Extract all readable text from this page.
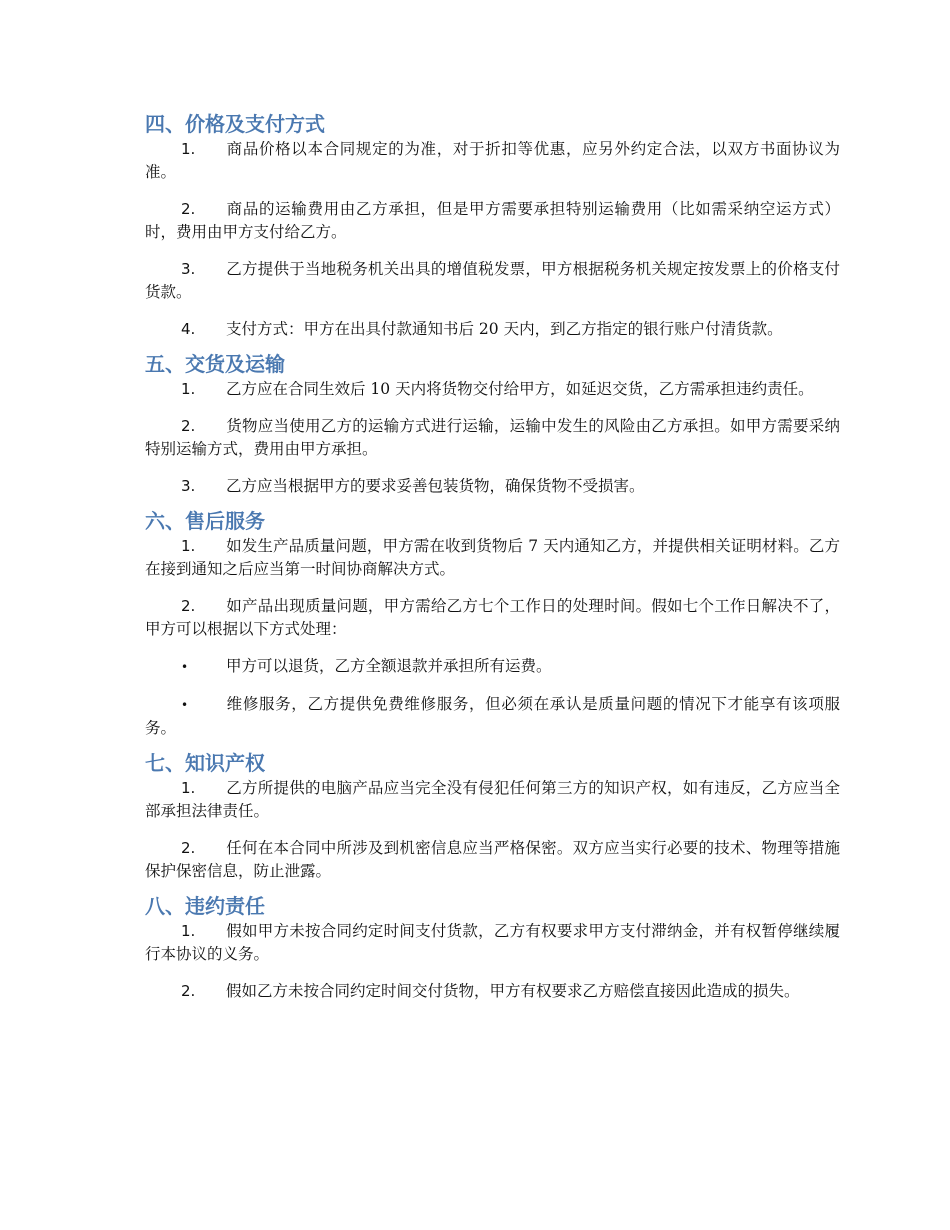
四、价格及支付方式

1. 商品价格以本合同规定的为准，对于折扣等优惠，应另外约定合法，以双方书面协议为准。

2. 商品的运输费用由乙方承担，但是甲方需要承担特别运输费用（比如需采纳空运方式）时，费用由甲方支付给乙方。

3. 乙方提供于当地税务机关出具的增值税发票，甲方根据税务机关规定按发票上的价格支付货款。

4. 支付方式：甲方在出具付款通知书后 20 天内，到乙方指定的银行账户付清货款。

五、交货及运输

1. 乙方应在合同生效后 10 天内将货物交付给甲方，如延迟交货，乙方需承担违约责任。

2. 货物应当使用乙方的运输方式进行运输，运输中发生的风险由乙方承担。如甲方需要采纳特别运输方式，费用由甲方承担。

3. 乙方应当根据甲方的要求妥善包装货物，确保货物不受损害。

六、售后服务

1. 如发生产品质量问题，甲方需在收到货物后 7 天内通知乙方，并提供相关证明材料。乙方在接到通知之后应当第一时间协商解决方式。

2. 如产品出现质量问题，甲方需给乙方七个工作日的处理时间。假如七个工作日解决不了，甲方可以根据以下方式处理：

• 甲方可以退货，乙方全额退款并承担所有运费。

• 维修服务，乙方提供免费维修服务，但必须在承认是质量问题的情况下才能享有该项服务。

七、知识产权

1. 乙方所提供的电脑产品应当完全没有侵犯任何第三方的知识产权，如有违反，乙方应当全部承担法律责任。

2. 任何在本合同中所涉及到机密信息应当严格保密。双方应当实行必要的技术、物理等措施保护保密信息，防止泄露。

八、违约责任

1. 假如甲方未按合同约定时间支付货款，乙方有权要求甲方支付滞纳金，并有权暂停继续履行本协议的义务。

2. 假如乙方未按合同约定时间交付货物，甲方有权要求乙方赔偿直接因此造成的损失。
